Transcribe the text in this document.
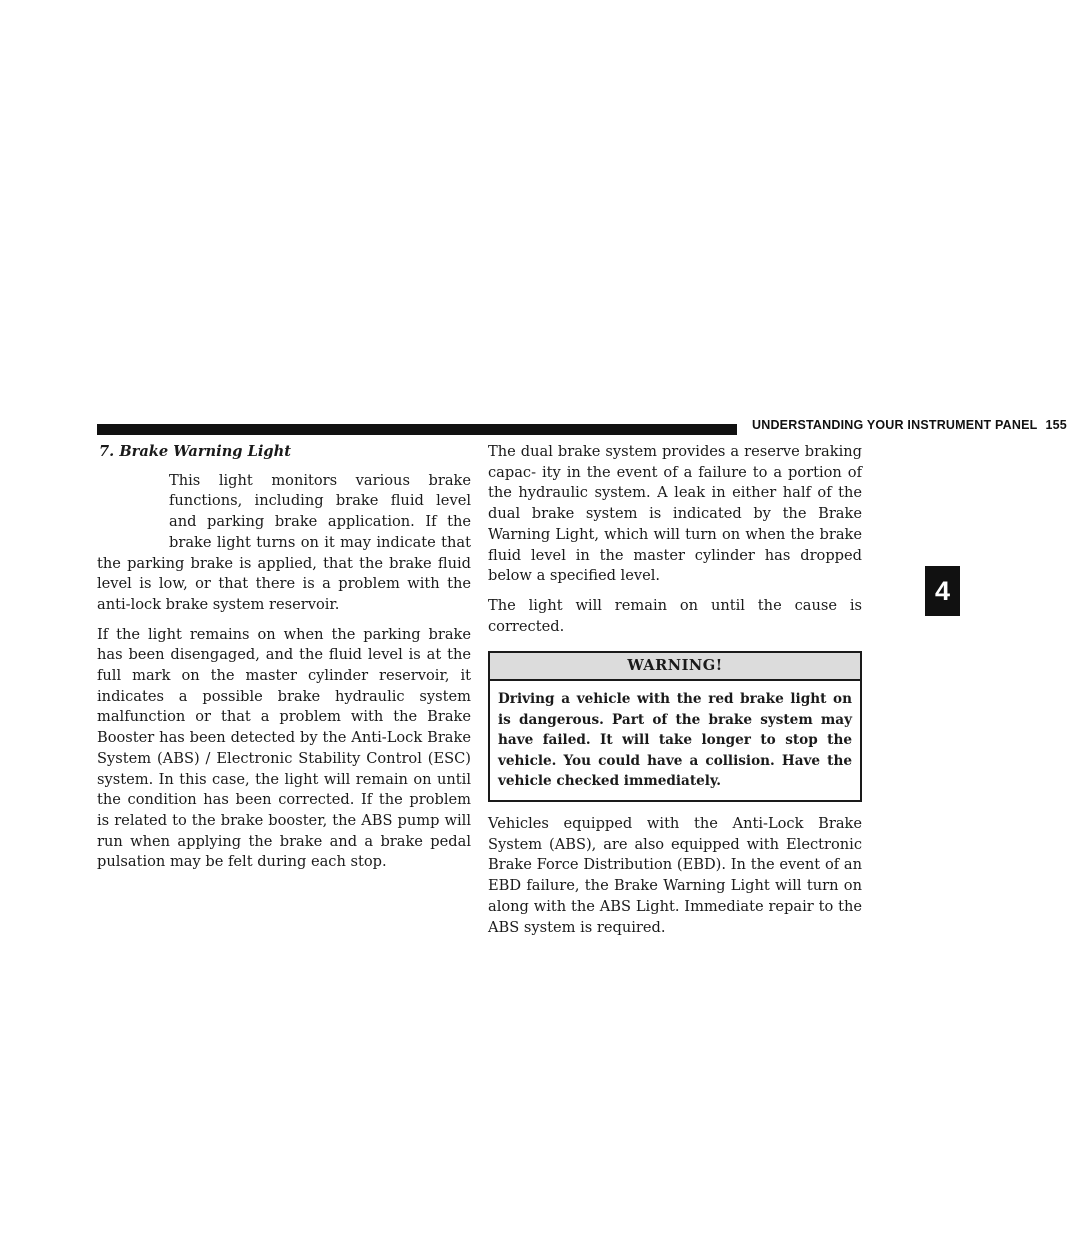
UNDERSTANDING YOUR INSTRUMENT PANEL 155
4
7. Brake Warning Light

This light monitors various brake functions, including brake fluid level and parking brake application. If the brake light turns on it may indicate that the parking brake is applied, that the brake fluid level is low, or that there is a problem with the anti-lock brake system reservoir.

If the light remains on when the parking brake has been disengaged, and the fluid level is at the full mark on the master cylinder reservoir, it indicates a possible brake hydraulic system malfunction or that a problem with the Brake Booster has been detected by the Anti-Lock Brake System (ABS) / Electronic Stability Control (ESC) system. In this case, the light will remain on until the condition has been corrected. If the problem is related to the brake booster, the ABS pump will run when applying the brake and a brake pedal pulsation may be felt during each stop.

The dual brake system provides a reserve braking capac- ity in the event of a failure to a portion of the hydraulic system. A leak in either half of the dual brake system is indicated by the Brake Warning Light, which will turn on when the brake fluid level in the master cylinder has dropped below a specified level.

The light will remain on until the cause is corrected.

WARNING!
Driving a vehicle with the red brake light on is dangerous. Part of the brake system may have failed. It will take longer to stop the vehicle. You could have a collision. Have the vehicle checked immediately.

Vehicles equipped with the Anti-Lock Brake System (ABS), are also equipped with Electronic Brake Force Distribution (EBD). In the event of an EBD failure, the Brake Warning Light will turn on along with the ABS Light. Immediate repair to the ABS system is required.
